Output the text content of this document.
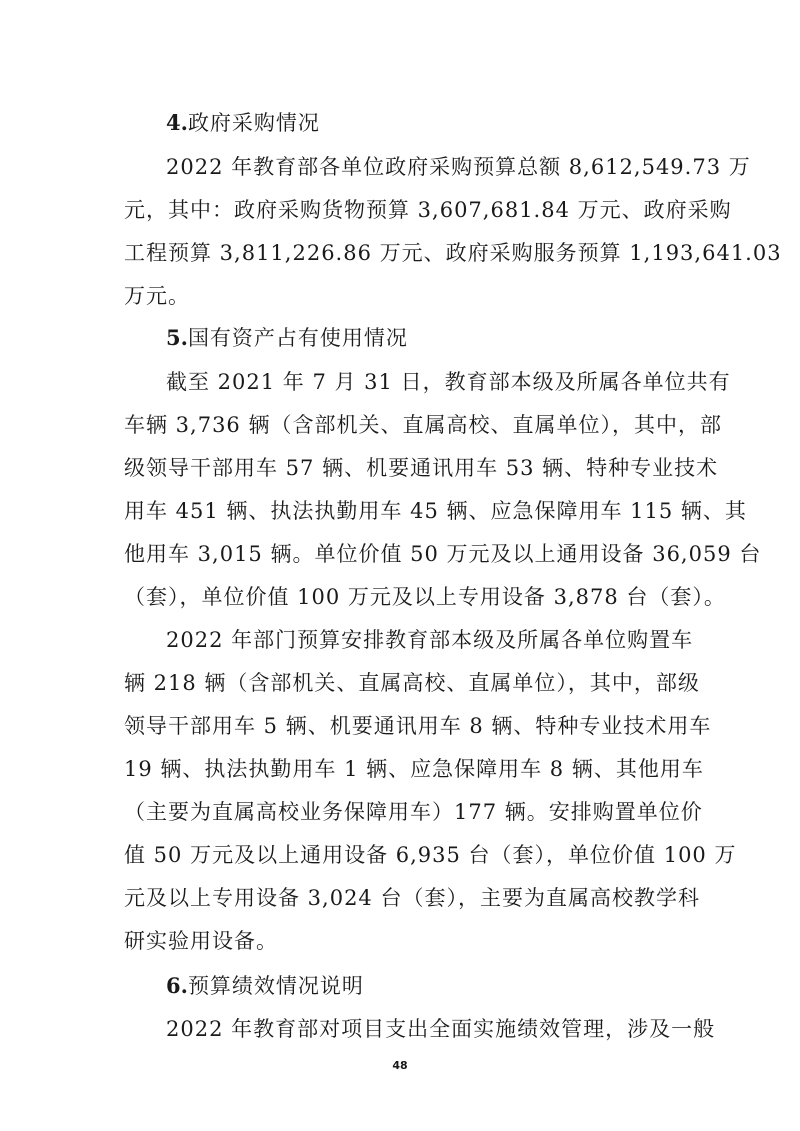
4.政府采购情况
2022 年教育部各单位政府采购预算总额 8,612,549.73 万
元，其中：政府采购货物预算 3,607,681.84 万元、政府采购
工程预算 3,811,226.86 万元、政府采购服务预算 1,193,641.03
万元。
5.国有资产占有使用情况
截至 2021 年 7 月 31 日，教育部本级及所属各单位共有
车辆 3,736 辆（含部机关、直属高校、直属单位），其中，部
级领导干部用车 57 辆、机要通讯用车 53 辆、特种专业技术
用车 451 辆、执法执勤用车 45 辆、应急保障用车 115 辆、其
他用车 3,015 辆。单位价值 50 万元及以上通用设备 36,059 台
（套），单位价值 100 万元及以上专用设备 3,878 台（套）。
2022 年部门预算安排教育部本级及所属各单位购置车
辆 218 辆（含部机关、直属高校、直属单位），其中，部级
领导干部用车 5 辆、机要通讯用车 8 辆、特种专业技术用车
19 辆、执法执勤用车 1 辆、应急保障用车 8 辆、其他用车
（主要为直属高校业务保障用车）177 辆。安排购置单位价
值 50 万元及以上通用设备 6,935 台（套），单位价值 100 万
元及以上专用设备 3,024 台（套），主要为直属高校教学科
研实验用设备。
6.预算绩效情况说明
2022 年教育部对项目支出全面实施绩效管理，涉及一般
48
